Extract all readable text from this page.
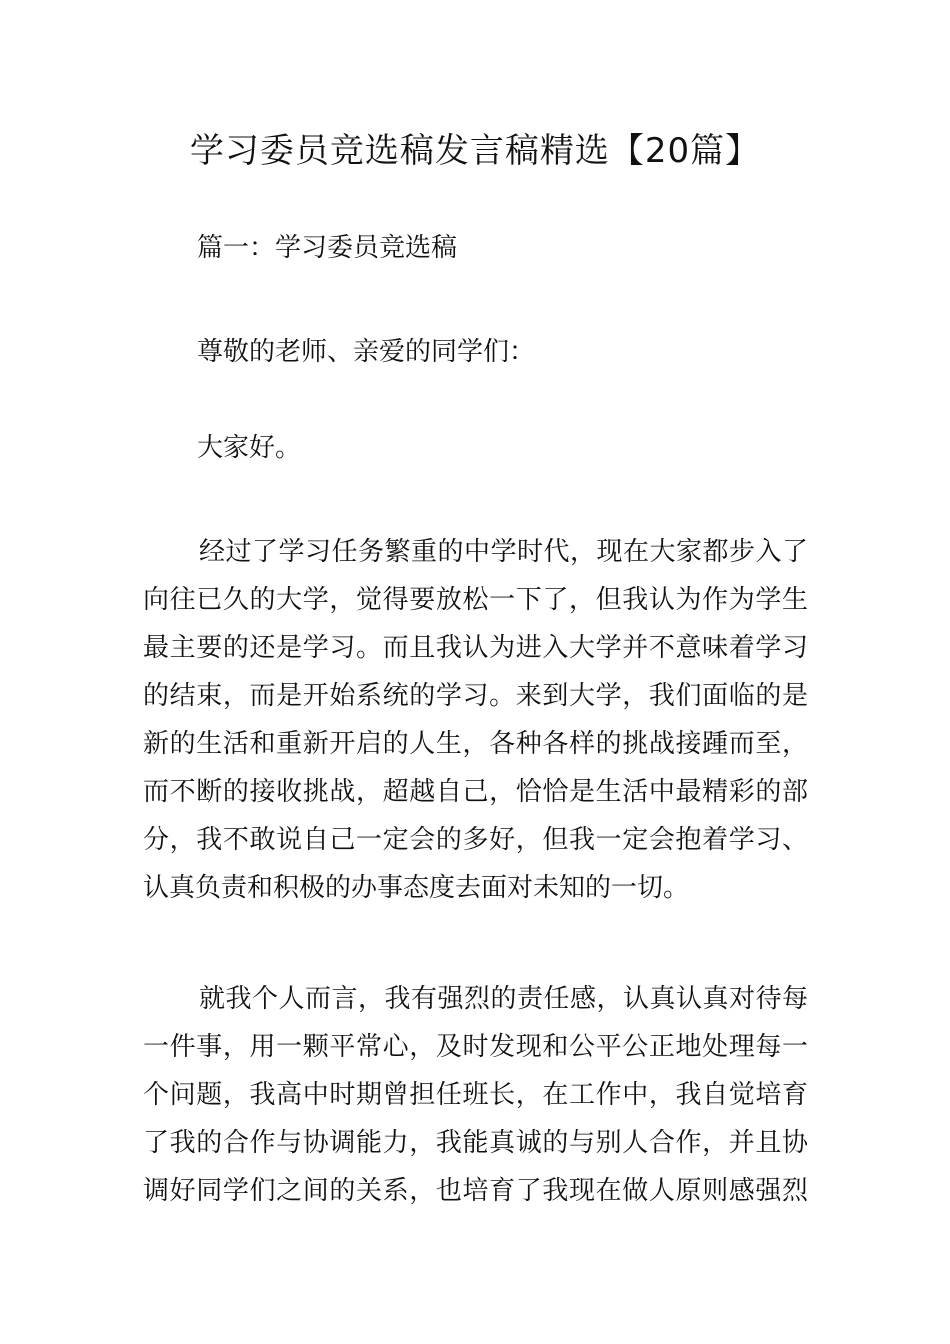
学习委员竞选稿发言稿精选【20篇】

篇一：学习委员竞选稿

尊敬的老师、亲爱的同学们：

大家好。

经过了学习任务繁重的中学时代，现在大家都步入了
向往已久的大学，觉得要放松一下了，但我认为作为学生
最主要的还是学习。而且我认为进入大学并不意味着学习
的结束，而是开始系统的学习。来到大学，我们面临的是
新的生活和重新开启的人生，各种各样的挑战接踵而至，
而不断的接收挑战，超越自己，恰恰是生活中最精彩的部
分，我不敢说自己一定会的多好，但我一定会抱着学习、
认真负责和积极的办事态度去面对未知的一切。
就我个人而言，我有强烈的责任感，认真认真对待每
一件事，用一颗平常心，及时发现和公平公正地处理每一
个问题，我高中时期曾担任班长，在工作中，我自觉培育
了我的合作与协调能力，我能真诚的与别人合作，并且协
调好同学们之间的关系，也培育了我现在做人原则感强烈
